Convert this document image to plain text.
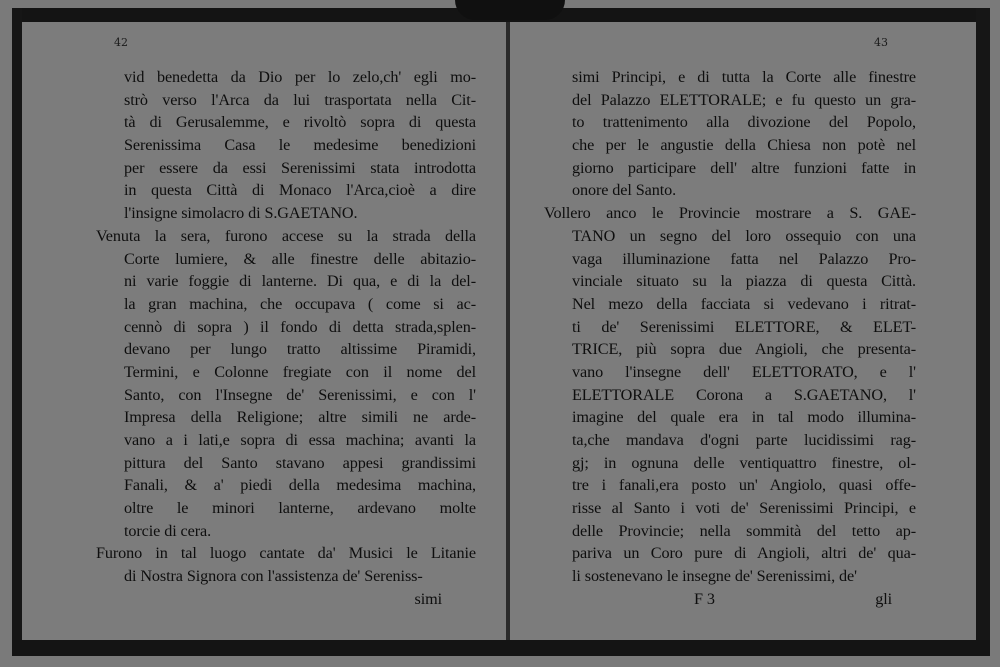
42
vid benedetta da Dio per lo zelo,ch' egli mo-
strò verso l'Arca da lui trasportata nella Cit-
tà di Gerusalemme, e rivoltò sopra di questa
Serenissima Casa le medesime benedizioni
per essere da essi Serenissimi stata introdotta
in questa Città di Monaco l'Arca,cioè a dire
l'insigne simolacro di S.GAETANO.
Venuta la sera, furono accese su la strada della
Corte lumiere, & alle finestre delle abitazio-
ni varie foggie di lanterne. Di qua, e di la del-
la gran machina, che occupava ( come si ac-
cennò di sopra ) il fondo di detta strada,splen-
devano per lungo tratto altissime Piramidi,
Termini, e Colonne fregiate con il nome del
Santo, con l'Insegne de' Serenissimi, e con l'
Impresa della Religione; altre simili ne arde-
vano a i lati,e sopra di essa machina; avanti la
pittura del Santo stavano appesi grandissimi
Fanali, & a' piedi della medesima machina,
oltre le minori lanterne, ardevano molte
torcie di cera.
Furono in tal luogo cantate da' Musici le Litanie
di Nostra Signora con l'assistenza de' Sereniss-
simi
43
simi Principi, e di tutta la Corte alle finestre
del Palazzo ELETTORALE; e fu questo un gra-
to trattenimento alla divozione del Popolo,
che per le angustie della Chiesa non potè nel
giorno participare dell' altre funzioni fatte in
onore del Santo.
Vollero anco le Provincie mostrare a S. GAE-
TANO un segno del loro ossequio con una
vaga illuminazione fatta nel Palazzo Pro-
vinciale situato su la piazza di questa Città.
Nel mezo della facciata si vedevano i ritrat-
ti de' Serenissimi ELETTORE, & ELET-
TRICE, più sopra due Angioli, che presenta-
vano l'insegne dell' ELETTORATO, e l'
ELETTORALE Corona a S.GAETANO, l'
imagine del quale era in tal modo illumina-
ta,che mandava d'ogni parte lucidissimi rag-
gj; in ognuna delle ventiquattro finestre, ol-
tre i fanali,era posto un' Angiolo, quasi offe-
risse al Santo i voti de' Serenissimi Principi, e
delle Provincie; nella sommità del tetto ap-
pariva un Coro pure di Angioli, altri de' qua-
li sostenevano le insegne de' Serenissimi, de'
F 3	gli
